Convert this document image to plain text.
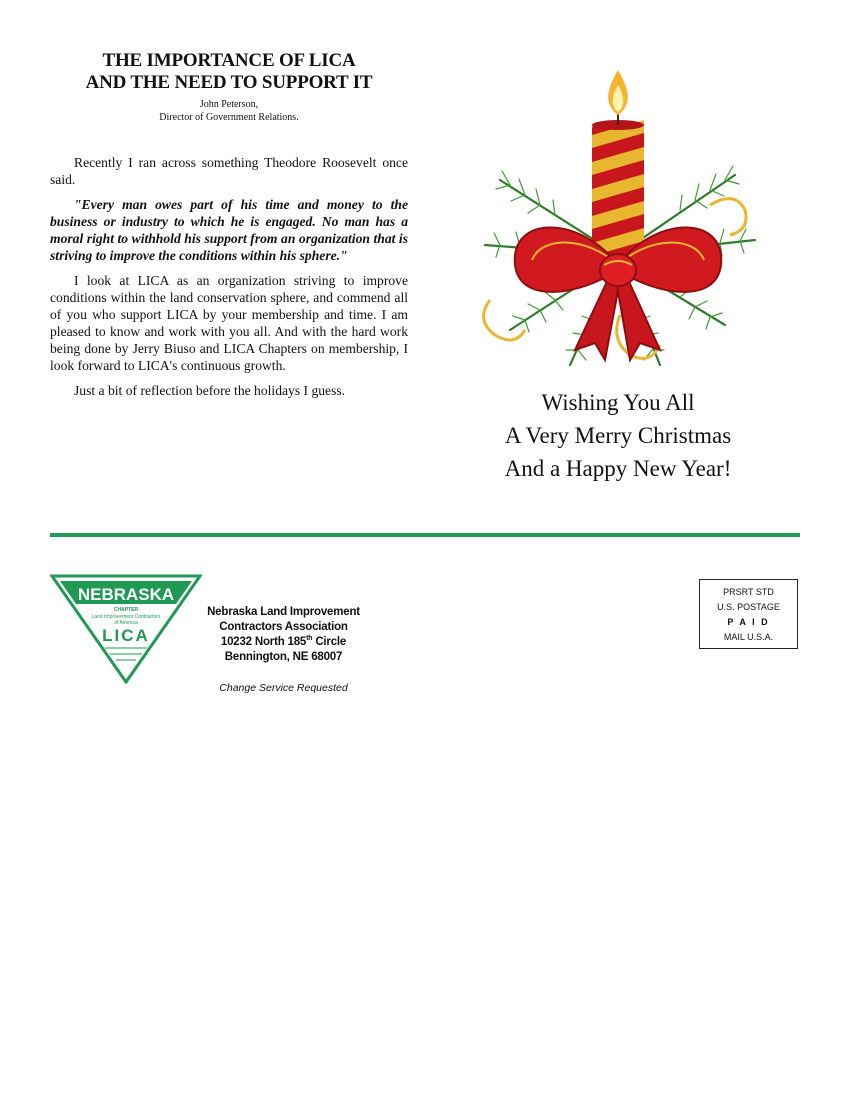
THE IMPORTANCE OF LICA
AND THE NEED TO SUPPORT IT
John Peterson,
Director of Government Relations.

Recently I ran across something Theodore Roosevelt once said.

"Every man owes part of his time and money to the business or industry to which he is engaged. No man has a moral right to withhold his support from an organization that is striving to improve the conditions within his sphere."

I look at LICA as an organization striving to improve conditions within the land conservation sphere, and commend all of you who support LICA by your membership and time. I am pleased to know and work with you all. And with the hard work being done by Jerry Biuso and LICA Chapters on membership, I look forward to LICA's continuous growth.

Just a bit of reflection before the holidays I guess.	Wishing You All
A Very Merry Christmas
And a Happy New Year!
NEBRASKA
CHAPTER
Land Improvement Contractors
of America
LICA
Nebraska Land Improvement
Contractors Association
10232 North 185th Circle
Bennington, NE 68007
Change Service Requested
PRSRT STD
U.S. POSTAGE
P A I D
MAIL U.S.A.
